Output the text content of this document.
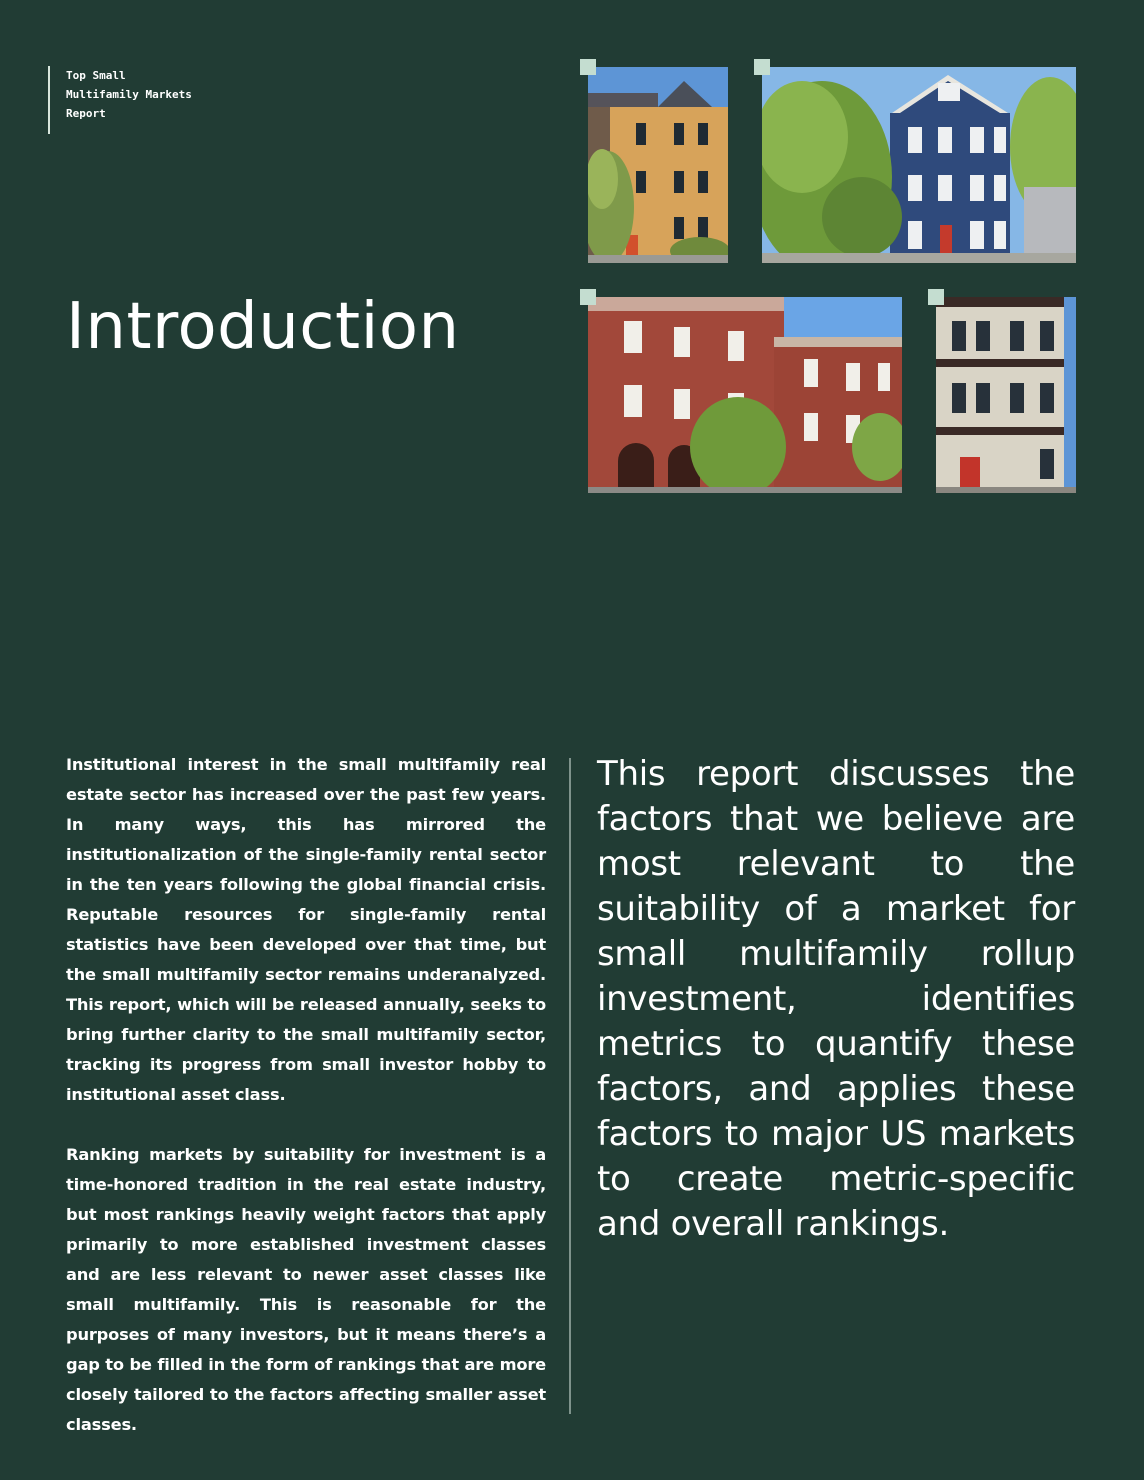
Top Small
Multifamily Markets
Report
Introduction

Institutional interest in the small multifamily real estate sector has increased over the past few years. In many ways, this has mirrored the institutionalization of the single-family rental sector in the ten years following the global financial crisis. Reputable resources for single-family rental statistics have been developed over that time, but the small multifamily sector remains underanalyzed. This report, which will be released annually, seeks to bring further clarity to the small multifamily sector, tracking its progress from small investor hobby to institutional asset class.

Ranking markets by suitability for investment is a time-honored tradition in the real estate industry, but most rankings heavily weight factors that apply primarily to more established investment classes and are less relevant to newer asset classes like small multifamily. This is reasonable for the purposes of many investors, but it means there’s a gap to be filled in the form of rankings that are more closely tailored to the factors affecting smaller asset classes.

This report discusses the factors that we believe are most relevant to the suitability of a market for small multifamily rollup investment, identifies metrics to quantify these factors, and applies these factors to major US markets to create metric-specific and overall rankings.
